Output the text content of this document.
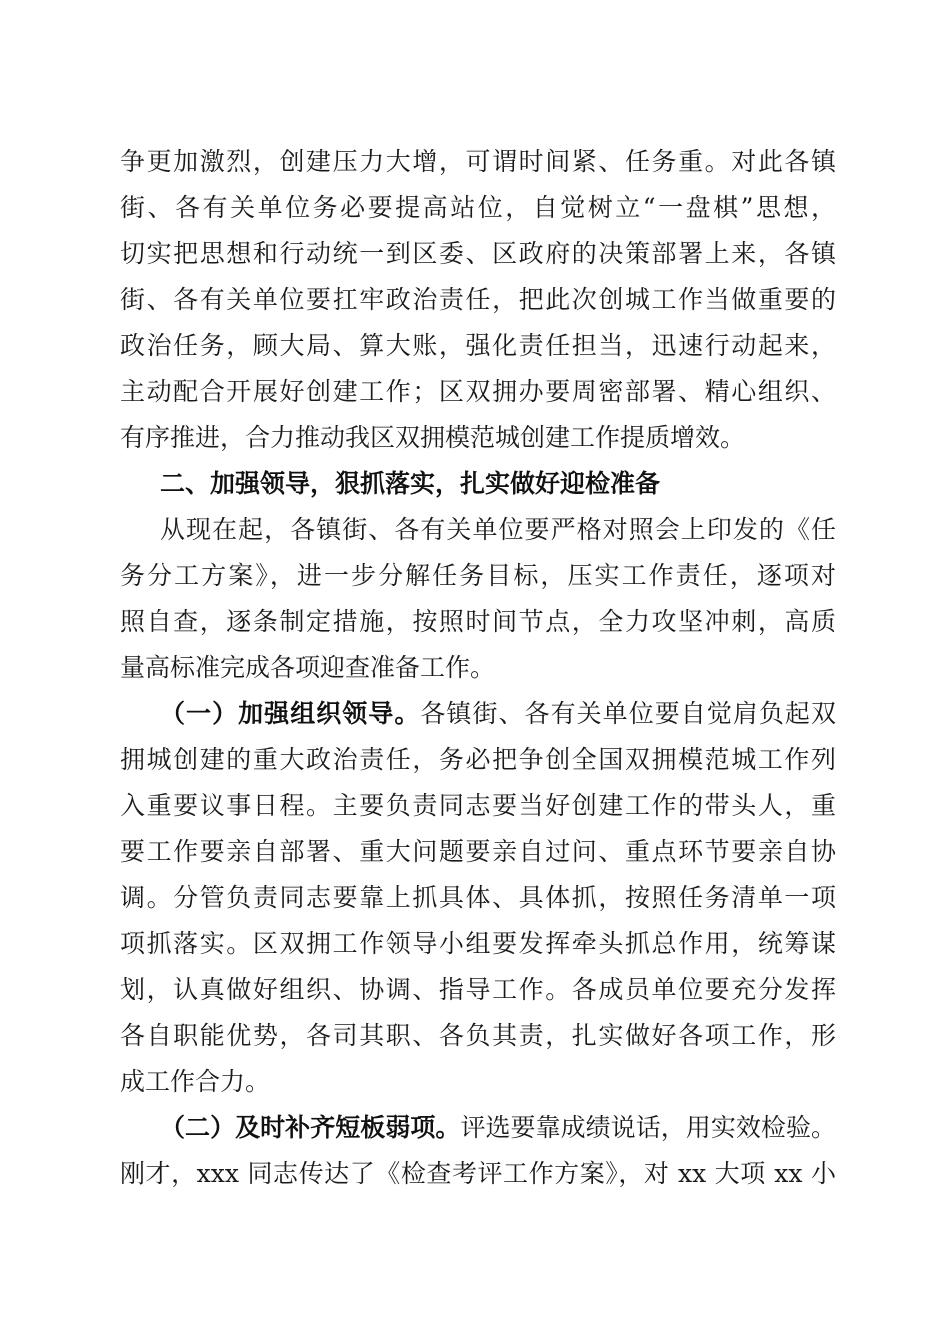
争更加激烈，创建压力大增，可谓时间紧、任务重。对此各镇
街、各有关单位务必要提高站位，自觉树立“一盘棋”思想，
切实把思想和行动统一到区委、区政府的决策部署上来，各镇
街、各有关单位要扛牢政治责任，把此次创城工作当做重要的
政治任务，顾大局、算大账，强化责任担当，迅速行动起来，
主动配合开展好创建工作；区双拥办要周密部署、精心组织、
有序推进，合力推动我区双拥模范城创建工作提质增效。
二、加强领导，狠抓落实，扎实做好迎检准备
从现在起，各镇街、各有关单位要严格对照会上印发的《任
务分工方案》，进一步分解任务目标，压实工作责任，逐项对
照自查，逐条制定措施，按照时间节点，全力攻坚冲刺，高质
量高标准完成各项迎查准备工作。
（一）加强组织领导。各镇街、各有关单位要自觉肩负起双
拥城创建的重大政治责任，务必把争创全国双拥模范城工作列
入重要议事日程。主要负责同志要当好创建工作的带头人，重
要工作要亲自部署、重大问题要亲自过问、重点环节要亲自协
调。分管负责同志要靠上抓具体、具体抓，按照任务清单一项
项抓落实。区双拥工作领导小组要发挥牵头抓总作用，统筹谋
划，认真做好组织、协调、指导工作。各成员单位要充分发挥
各自职能优势，各司其职、各负其责，扎实做好各项工作，形
成工作合力。
（二）及时补齐短板弱项。评选要靠成绩说话，用实效检验。
刚才，xxx 同志传达了《检查考评工作方案》，对 xx 大项 xx 小
